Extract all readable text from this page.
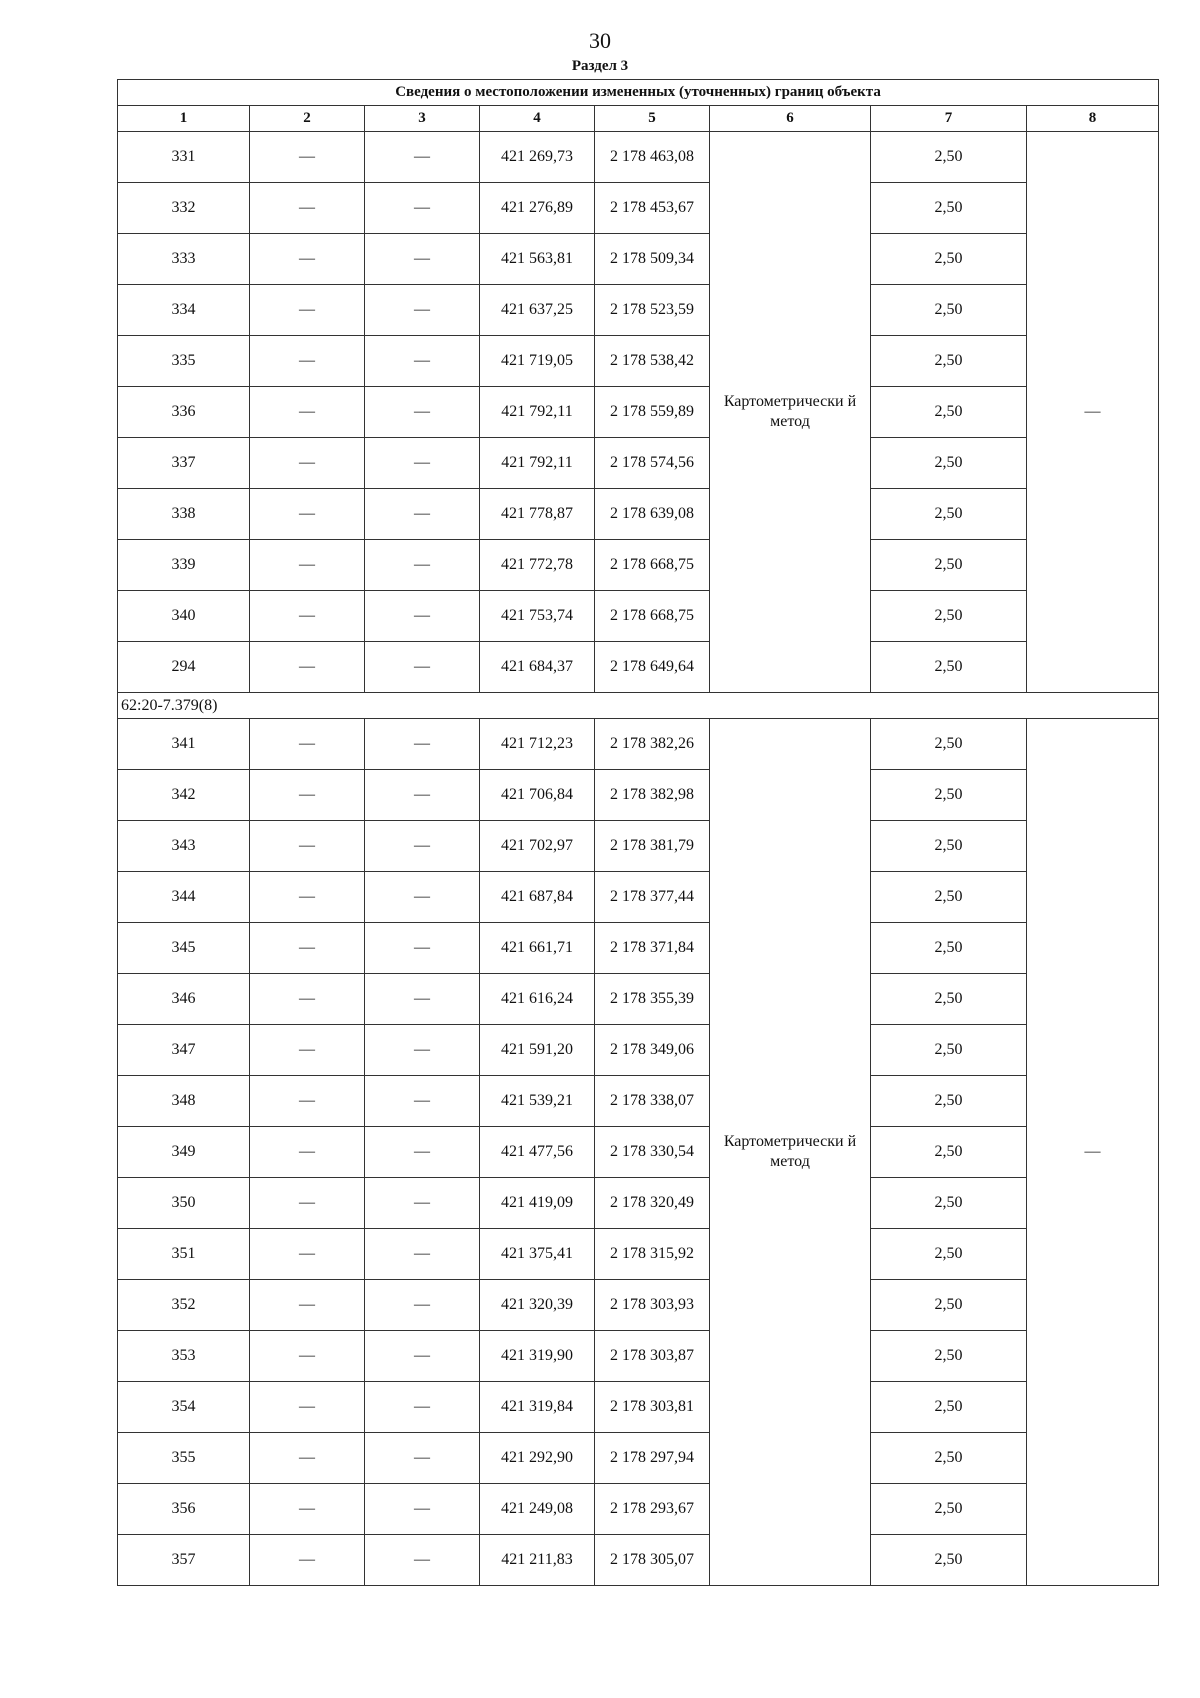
30
Раздел 3
Сведения о местоположении измененных (уточненных) границ объекта							
1	2	3	4	5	6	7	8
331	—	—	421 269,73	2 178 463,08	Картометрически й метод	2,50	—
332	—	—	421 276,89	2 178 453,67		2,50	
333	—	—	421 563,81	2 178 509,34		2,50	
334	—	—	421 637,25	2 178 523,59		2,50	
335	—	—	421 719,05	2 178 538,42		2,50	
336	—	—	421 792,11	2 178 559,89		2,50	
337	—	—	421 792,11	2 178 574,56		2,50	
338	—	—	421 778,87	2 178 639,08		2,50	
339	—	—	421 772,78	2 178 668,75		2,50	
340	—	—	421 753,74	2 178 668,75		2,50	
294	—	—	421 684,37	2 178 649,64		2,50	
62:20-7.379(8)							
341	—	—	421 712,23	2 178 382,26	Картометрически й метод	2,50	—
342	—	—	421 706,84	2 178 382,98		2,50	
343	—	—	421 702,97	2 178 381,79		2,50	
344	—	—	421 687,84	2 178 377,44		2,50	
345	—	—	421 661,71	2 178 371,84		2,50	
346	—	—	421 616,24	2 178 355,39		2,50	
347	—	—	421 591,20	2 178 349,06		2,50	
348	—	—	421 539,21	2 178 338,07		2,50	
349	—	—	421 477,56	2 178 330,54		2,50	
350	—	—	421 419,09	2 178 320,49		2,50	
351	—	—	421 375,41	2 178 315,92		2,50	
352	—	—	421 320,39	2 178 303,93		2,50	
353	—	—	421 319,90	2 178 303,87		2,50	
354	—	—	421 319,84	2 178 303,81		2,50	
355	—	—	421 292,90	2 178 297,94		2,50	
356	—	—	421 249,08	2 178 293,67		2,50	
357	—	—	421 211,83	2 178 305,07		2,50	
